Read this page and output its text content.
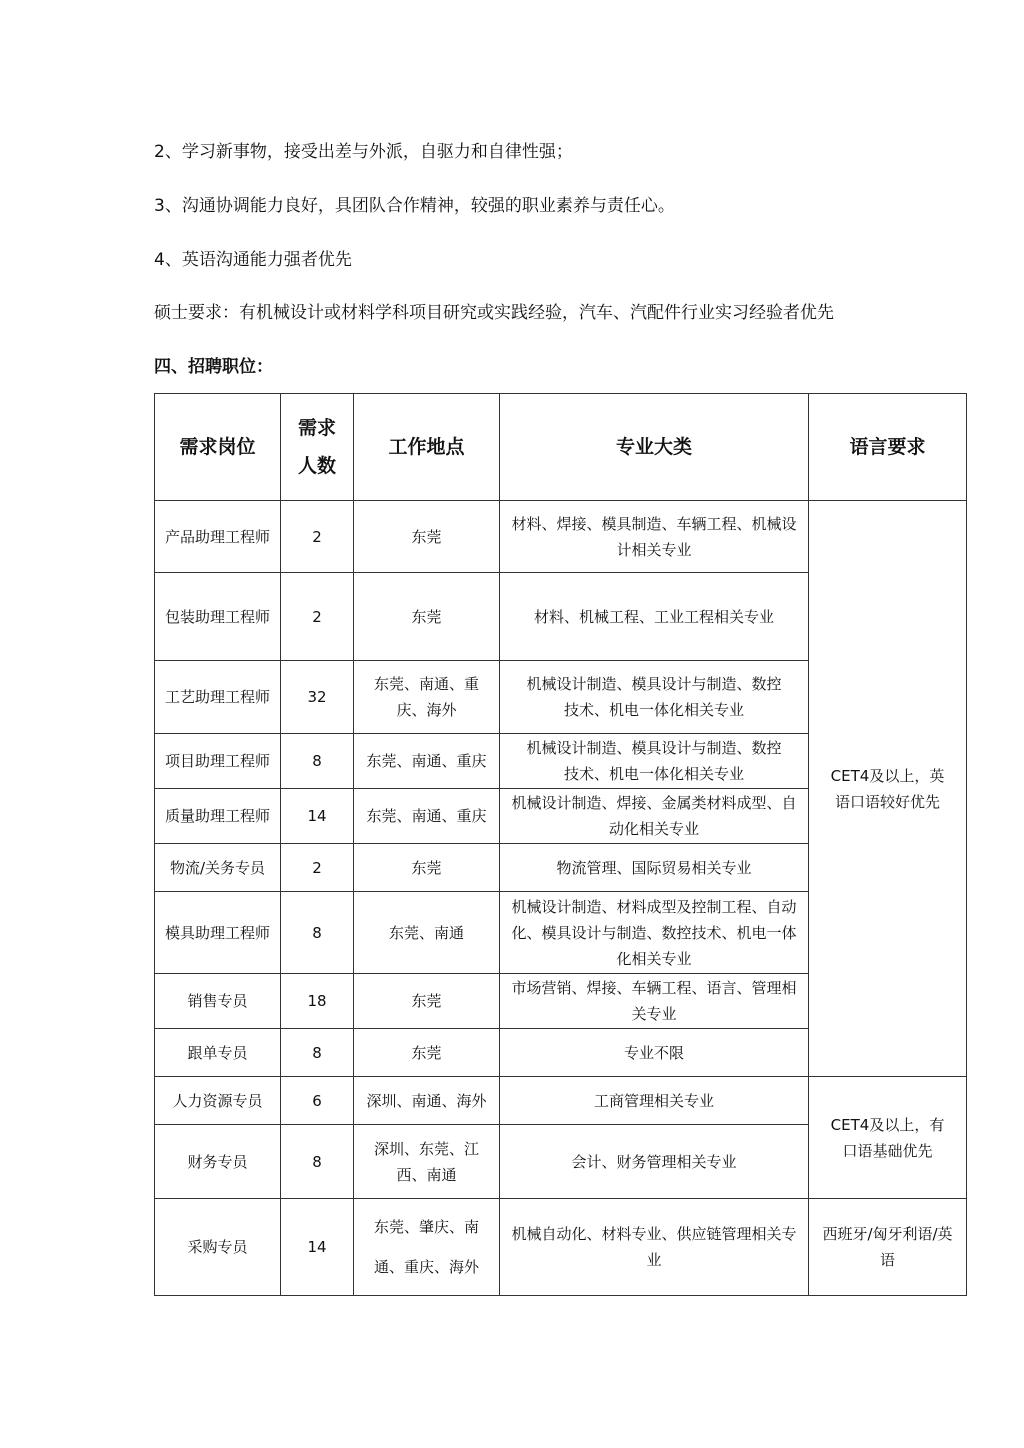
2、学习新事物，接受出差与外派，自驱力和自律性强；
3、沟通协调能力良好，具团队合作精神，较强的职业素养与责任心。
4、英语沟通能力强者优先
硕士要求：有机械设计或材料学科项目研究或实践经验，汽车、汽配件行业实习经验者优先
四、招聘职位：
需求岗位	需求人数	工作地点	专业大类	语言要求
产品助理工程师	2	东莞	材料、焊接、模具制造、车辆工程、机械设计相关专业	CET4及以上，英语口语较好优先
包装助理工程师	2	东莞	材料、机械工程、工业工程相关专业	
工艺助理工程师	32	东莞、南通、重庆、海外	机械设计制造、模具设计与制造、数控技术、机电一体化相关专业	
项目助理工程师	8	东莞、南通、重庆	机械设计制造、模具设计与制造、数控技术、机电一体化相关专业	
质量助理工程师	14	东莞、南通、重庆	机械设计制造、焊接、金属类材料成型、自动化相关专业	
物流/关务专员	2	东莞	物流管理、国际贸易相关专业	
模具助理工程师	8	东莞、南通	机械设计制造、材料成型及控制工程、自动化、模具设计与制造、数控技术、机电一体化相关专业	
销售专员	18	东莞	市场营销、焊接、车辆工程、语言、管理相关专业	
跟单专员	8	东莞	专业不限	
人力资源专员	6	深圳、南通、海外	工商管理相关专业	CET4及以上，有口语基础优先
财务专员	8	深圳、东莞、江西、南通	会计、财务管理相关专业	
采购专员	14	东莞、肇庆、南通、重庆、海外	机械自动化、材料专业、供应链管理相关专业	西班牙/匈牙利语/英语
